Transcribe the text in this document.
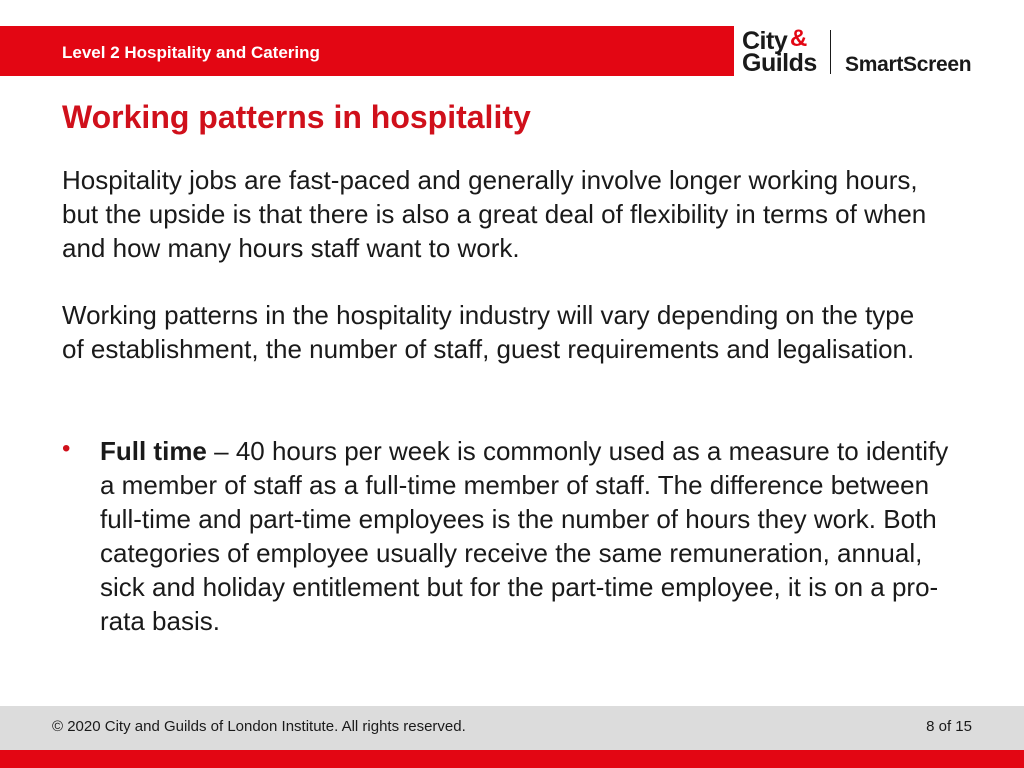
Level 2 Hospitality and Catering	City &
Guilds SmartScreen
Working patterns in hospitality

Hospitality jobs are fast-paced and generally involve longer working hours, but the upside is that there is also a great deal of flexibility in terms of when and how many hours staff want to work.

Working patterns in the hospitality industry will vary depending on the type of establishment, the number of staff, guest requirements and legalisation.

• Full time – 40 hours per week is commonly used as a measure to identify a member of staff as a full-time member of staff. The difference between full-time and part-time employees is the number of hours they work. Both categories of employee usually receive the same remuneration, annual, sick and holiday entitlement but for the part-time employee, it is on a pro-rata basis.
© 2020 City and Guilds of London Institute. All rights reserved.	8 of 15
